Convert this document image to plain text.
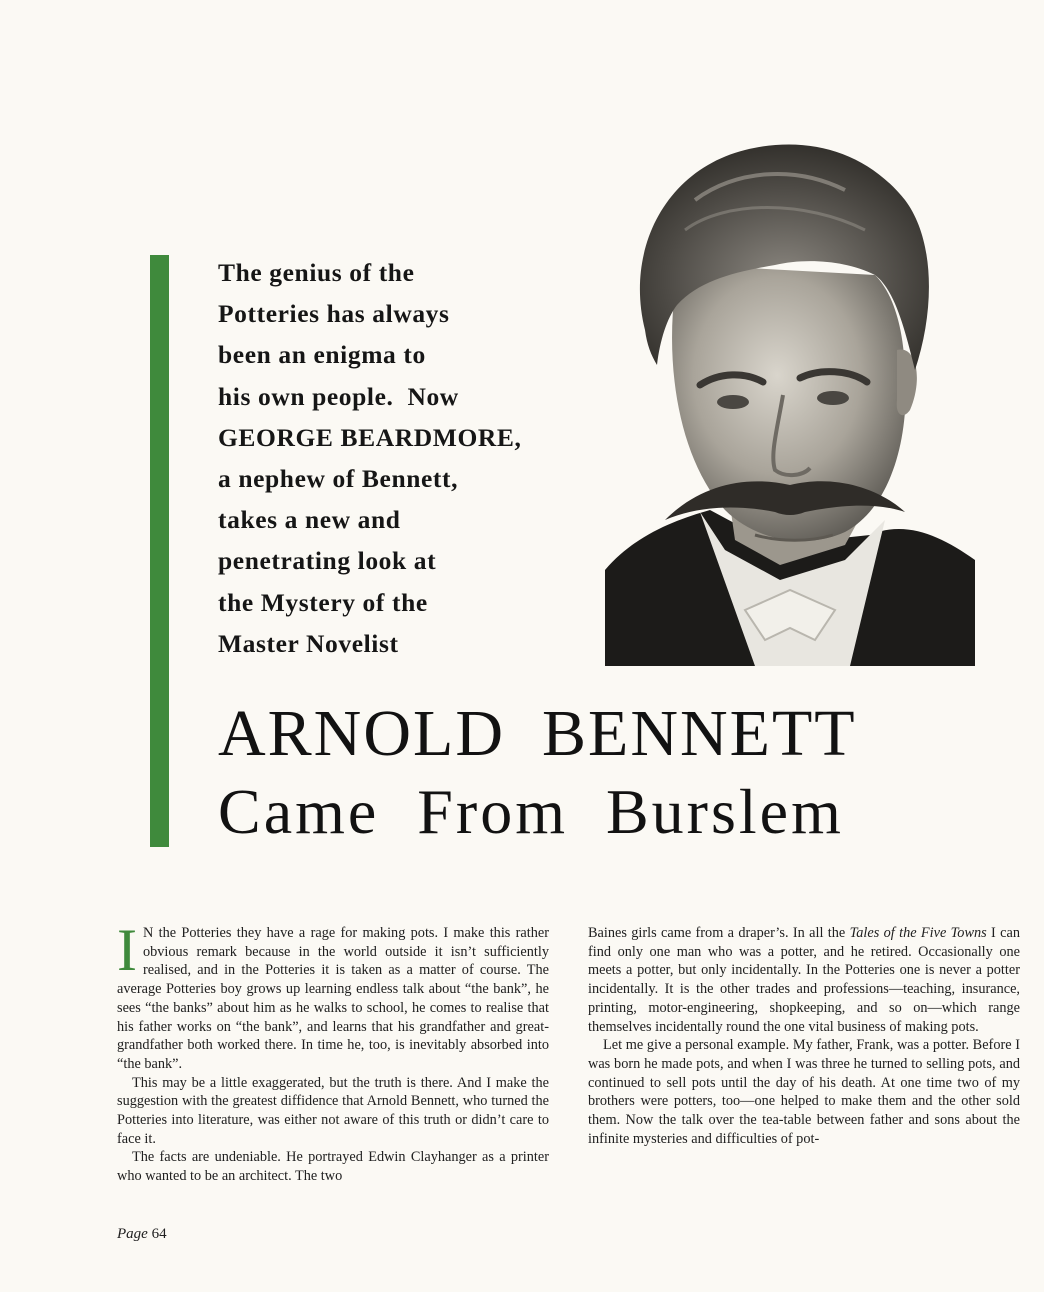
The genius of the
Potteries has always
been an enigma to
his own people.  Now
GEORGE BEARDMORE,
a nephew of Bennett,
takes a new and
penetrating look at
the Mystery of the
Master Novelist
ARNOLD  BENNETT
Came  From  Burslem

I N the Potteries they have a rage for making pots. I make this rather obvious remark because in the world outside it isn’t sufficiently realised, and in the Potteries it is taken as a matter of course. The average Potteries boy grows up learning endless talk about “the bank”, he sees “the banks” about him as he walks to school, he comes to realise that his father works on “the bank”, and learns that his grandfather and great-grandfather both worked there. In time he, too, is inevitably absorbed into “the bank”.

This may be a little exaggerated, but the truth is there. And I make the suggestion with the greatest diffidence that Arnold Bennett, who turned the Potteries into literature, was either not aware of this truth or didn’t care to face it.

The facts are undeniable. He portrayed Edwin Clayhanger as a printer who wanted to be an architect. The two

Baines girls came from a draper’s. In all the Tales of the Five Towns I can find only one man who was a potter, and he retired. Occasionally one meets a potter, but only incidentally. In the Potteries one is never a potter incidentally. It is the other trades and professions—teaching, insurance, printing, motor-engineering, shopkeeping, and so on—which range themselves incidentally round the one vital business of making pots.

Let me give a personal example. My father, Frank, was a potter. Before I was born he made pots, and when I was three he turned to selling pots, and continued to sell pots until the day of his death. At one time two of my brothers were potters, too—one helped to make them and the other sold them. Now the talk over the tea-table between father and sons about the infinite mysteries and difficulties of pot-

Page 64
